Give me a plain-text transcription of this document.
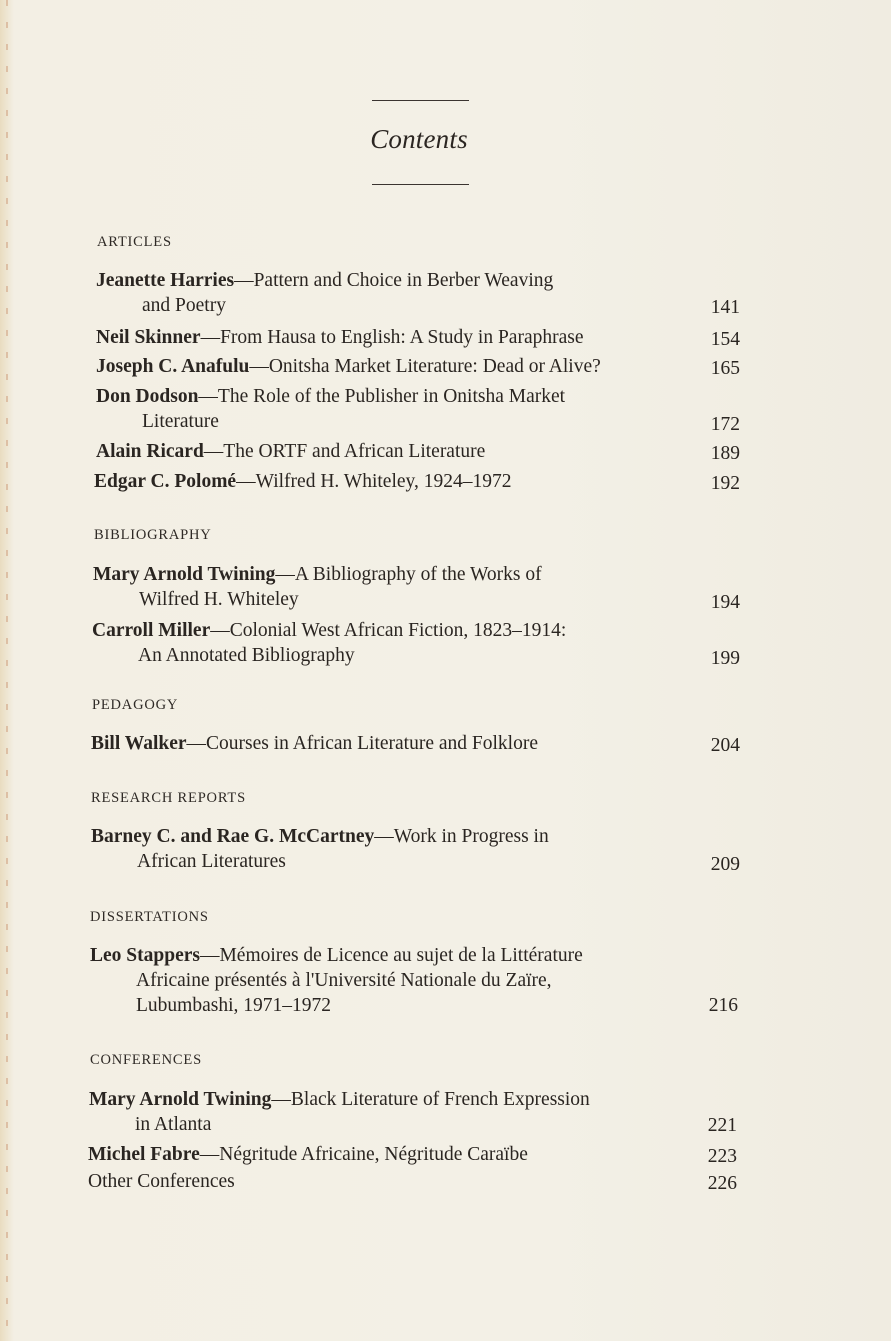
Contents
ARTICLES
Jeanette Harries—Pattern and Choice in Berber Weaving
and Poetry	141
Neil Skinner—From Hausa to English: A Study in Paraphrase	154
Joseph C. Anafulu—Onitsha Market Literature: Dead or Alive?	165
Don Dodson—The Role of the Publisher in Onitsha Market
Literature	172
Alain Ricard—The ORTF and African Literature	189
Edgar C. Polomé—Wilfred H. Whiteley, 1924–1972	192
BIBLIOGRAPHY
Mary Arnold Twining—A Bibliography of the Works of
Wilfred H. Whiteley	194
Carroll Miller—Colonial West African Fiction, 1823–1914:
An Annotated Bibliography	199
PEDAGOGY
Bill Walker—Courses in African Literature and Folklore	204
RESEARCH REPORTS
Barney C. and Rae G. McCartney—Work in Progress in
African Literatures	209
DISSERTATIONS
Leo Stappers—Mémoires de Licence au sujet de la Littérature
Africaine présentés à l'Université Nationale du Zaïre,
Lubumbashi, 1971–1972	216
CONFERENCES
Mary Arnold Twining—Black Literature of French Expression
in Atlanta	221
Michel Fabre—Négritude Africaine, Négritude Caraïbe	223
Other Conferences	226
